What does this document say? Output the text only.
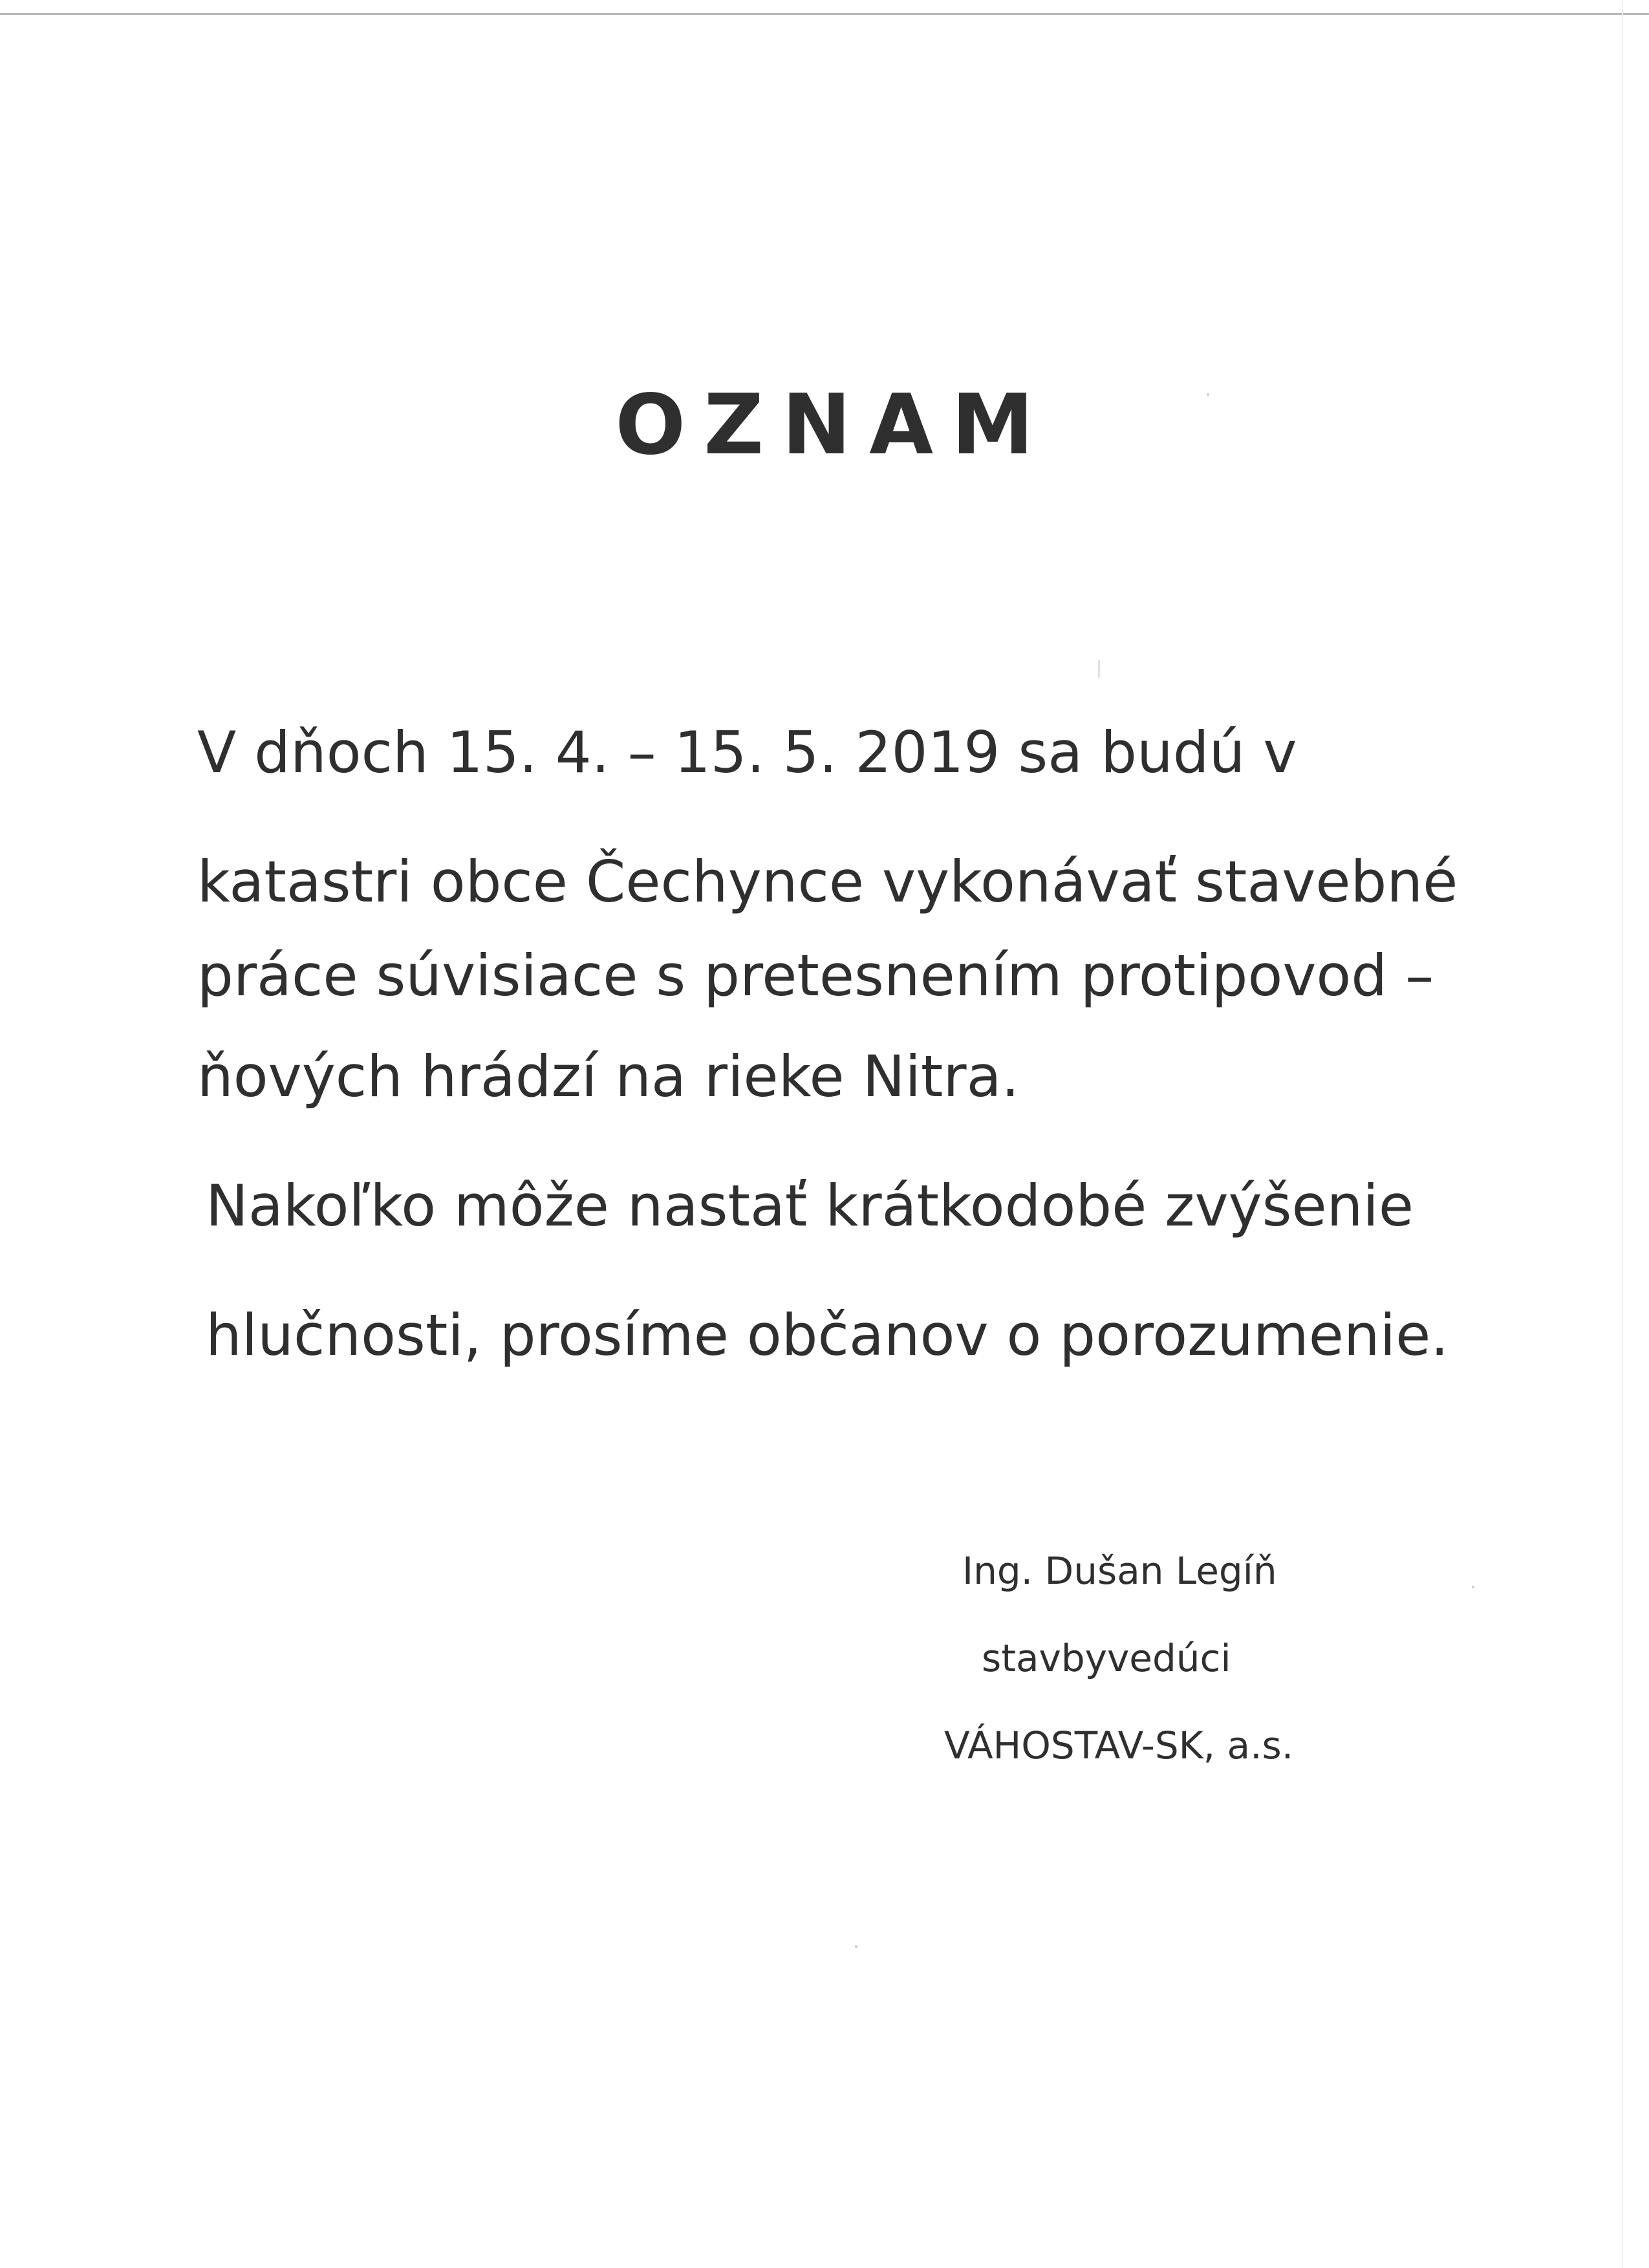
OZNAM
V dňoch 15. 4. – 15. 5. 2019 sa budú v
katastri obce Čechynce vykonávať stavebné
práce súvisiace s pretesnením protipovod –
ňových hrádzí na rieke Nitra.
Nakoľko môže nastať krátkodobé zvýšenie
hlučnosti, prosíme občanov o porozumenie.
Ing. Dušan Legíň
stavbyvedúci
VÁHOSTAV-SK, a.s.
